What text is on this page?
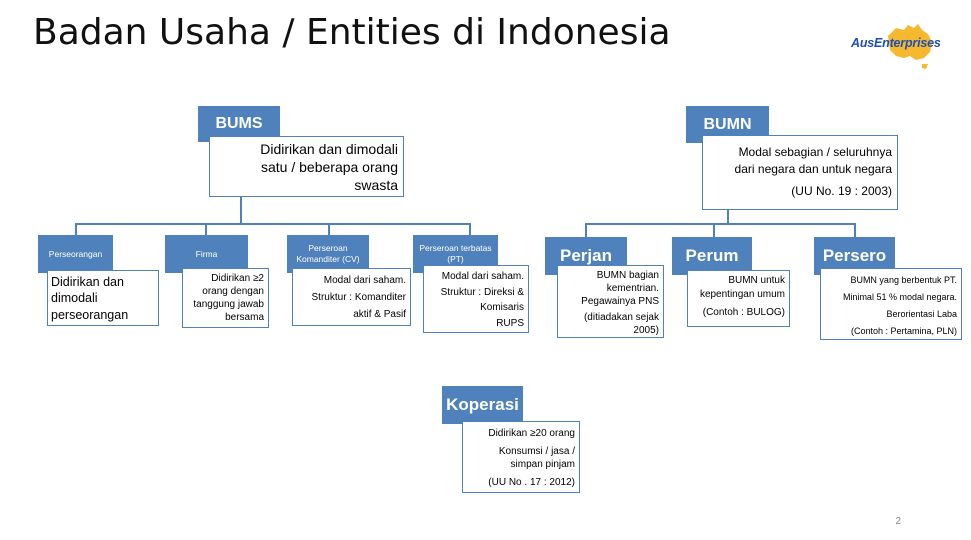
Badan Usaha / Entities di Indonesia	AusEnterprises
BUMS
Didirikan dan dimodali
satu / beberapa orang
swasta
Perseorangan
Didirikan dan
dimodali
perseorangan
Firma
Didirikan ≥2
orang dengan
tanggung jawab
bersama
Perseroan Komanditer (CV)
Modal dari saham.
Struktur : Komanditer
aktif & Pasif
Perseroan terbatas (PT)
Modal dari saham.
Struktur : Direksi &
Komisaris
RUPS
BUMN
Modal sebagian / seluruhnya
dari negara dan untuk negara
(UU No. 19 : 2003)
Perjan
BUMN bagian
kementrian.
Pegawainya PNS
(ditiadakan sejak
2005)
Perum
BUMN untuk
kepentingan umum
(Contoh : BULOG)
Persero
BUMN yang berbentuk PT.
Minimal 51 % modal negara.
Berorientasi Laba
(Contoh : Pertamina, PLN)
Koperasi
Didirikan ≥20 orang
Konsumsi / jasa /
simpan pinjam
(UU No . 17 : 2012)
2
